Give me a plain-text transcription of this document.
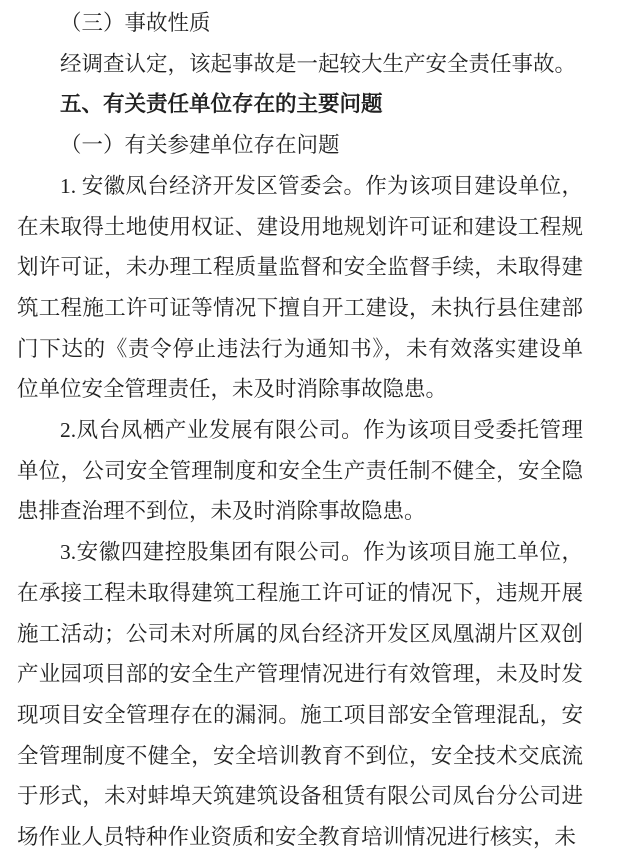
（三）事故性质

经调查认定，该起事故是一起较大生产安全责任事故。

五、有关责任单位存在的主要问题

（一）有关参建单位存在问题

1. 安徽凤台经济开发区管委会。作为该项目建设单位，在未取得土地使用权证、建设用地规划许可证和建设工程规划许可证，未办理工程质量监督和安全监督手续，未取得建筑工程施工许可证等情况下擅自开工建设，未执行县住建部门下达的《责令停止违法行为通知书》，未有效落实建设单位单位安全管理责任，未及时消除事故隐患。

2.凤台凤栖产业发展有限公司。作为该项目受委托管理单位，公司安全管理制度和安全生产责任制不健全，安全隐患排查治理不到位，未及时消除事故隐患。

3.安徽四建控股集团有限公司。作为该项目施工单位，在承接工程未取得建筑工程施工许可证的情况下，违规开展施工活动；公司未对所属的凤台经济开发区凤凰湖片区双创产业园项目部的安全生产管理情况进行有效管理，未及时发现项目安全管理存在的漏洞。施工项目部安全管理混乱，安全管理制度不健全，安全培训教育不到位，安全技术交底流于形式，未对蚌埠天筑建筑设备租赁有限公司凤台分公司进场作业人员特种作业资质和安全教育培训情况进行核实，未
